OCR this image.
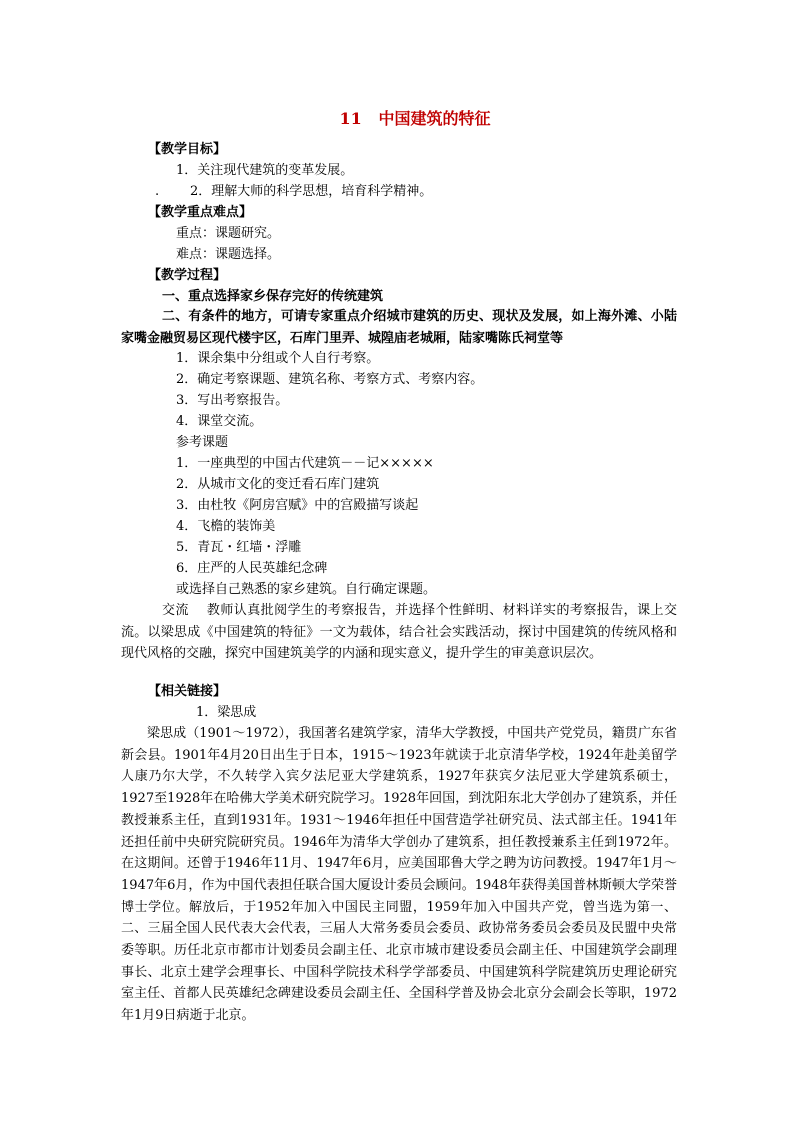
11   中国建筑的特征
【教学目标】
1．关注现代建筑的变革发展。
. 2．理解大师的科学思想，培育科学精神。
【教学重点难点】
重点：课题研究。
难点：课题选择。
【教学过程】
一、重点选择家乡保存完好的传统建筑
二、有条件的地方，可请专家重点介绍城市建筑的历史、现状及发展，如上海外滩、小陆家嘴金融贸易区现代楼宇区，石库门里弄、城隍庙老城厢，陆家嘴陈氏祠堂等
1．课余集中分组或个人自行考察。
2．确定考察课题、建筑名称、考察方式、考察内容。
3．写出考察报告。
4．课堂交流。
参考课题
1．一座典型的中国古代建筑－－记×××××
2．从城市文化的变迁看石库门建筑
3．由杜牧《阿房宫赋》中的宫殿描写谈起
4．飞檐的装饰美
5．青瓦・红墙・浮雕
6．庄严的人民英雄纪念碑
或选择自己熟悉的家乡建筑。自行确定课题。
交流　 教师认真批阅学生的考察报告，并选择个性鲜明、材料详实的考察报告，课上交流。以梁思成《中国建筑的特征》一文为载体，结合社会实践活动，探讨中国建筑的传统风格和现代风格的交融，探究中国建筑美学的内涵和现实意义，提升学生的审美意识层次。
【相关链接】
1．梁思成
梁思成（1901～1972），我国著名建筑学家，清华大学教授，中国共产党党员，籍贯广东省新会县。1901年4月20日出生于日本，1915～1923年就读于北京清华学校，1924年赴美留学人康乃尔大学，不久转学入宾夕法尼亚大学建筑系，1927年获宾夕法尼亚大学建筑系硕士，1927至1928年在哈佛大学美术研究院学习。1928年回国，到沈阳东北大学创办了建筑系，并任教授兼系主任，直到1931年。1931～1946年担任中国营造学社研究员、法式部主任。1941年还担任前中央研究院研究员。1946年为清华大学创办了建筑系，担任教授兼系主任到1972年。在这期间。还曾于1946年11月、1947年6月，应美国耶鲁大学之聘为访问教授。1947年1月～1947年6月，作为中国代表担任联合国大厦设计委员会顾问。1948年获得美国普林斯顿大学荣誉博士学位。解放后，于1952年加入中国民主同盟，1959年加入中国共产党，曾当选为第一、二、三届全国人民代表大会代表，三届人大常务委员会委员、政协常务委员会委员及民盟中央常委等职。历任北京市都市计划委员会副主任、北京市城市建设委员会副主任、中国建筑学会副理事长、北京土建学会理事长、中国科学院技术科学学部委员、中国建筑科学院建筑历史理论研究室主任、首都人民英雄纪念碑建设委员会副主任、全国科学普及协会北京分会副会长等职，1972年1月9日病逝于北京。
